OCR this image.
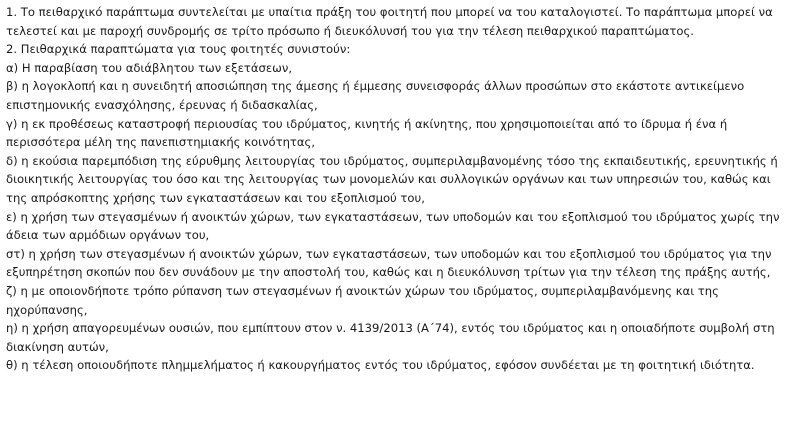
1. Το πειθαρχικό παράπτωμα συντελείται με υπαίτια πράξη του φοιτητή που μπορεί να του καταλογιστεί. Το παράπτωμα μπορεί να
τελεστεί και με παροχή συνδρομής σε τρίτο πρόσωπο ή διευκόλυνσή του για την τέλεση πειθαρχικού παραπτώματος.
2. Πειθαρχικά παραπτώματα για τους φοιτητές συνιστούν:
α) Η παραβίαση του αδιάβλητου των εξετάσεων,
β) η λογοκλοπή και η συνειδητή αποσιώπηση της άμεσης ή έμμεσης συνεισφοράς άλλων προσώπων στο εκάστοτε αντικείμενο
επιστημονικής ενασχόλησης, έρευνας ή διδασκαλίας,
γ) η εκ προθέσεως καταστροφή περιουσίας του ιδρύματος, κινητής ή ακίνητης, που χρησιμοποιείται από το ίδρυμα ή ένα ή
περισσότερα μέλη της πανεπιστημιακής κοινότητας,
δ) η εκούσια παρεμπόδιση της εύρυθμης λειτουργίας του ιδρύματος, συμπεριλαμβανομένης τόσο της εκπαιδευτικής, ερευνητικής ή
διοικητικής λειτουργίας του όσο και της λειτουργίας των μονομελών και συλλογικών οργάνων και των υπηρεσιών του, καθώς και
της απρόσκοπτης χρήσης των εγκαταστάσεων και του εξοπλισμού του,
ε) η χρήση των στεγασμένων ή ανοικτών χώρων, των εγκαταστάσεων, των υποδομών και του εξοπλισμού του ιδρύματος χωρίς την
άδεια των αρμόδιων οργάνων του,
στ) η χρήση των στεγασμένων ή ανοικτών χώρων, των εγκαταστάσεων, των υποδομών και του εξοπλισμού του ιδρύματος για την
εξυπηρέτηση σκοπών που δεν συνάδουν με την αποστολή του, καθώς και η διευκόλυνση τρίτων για την τέλεση της πράξης αυτής,
ζ) η με οποιονδήποτε τρόπο ρύπανση των στεγασμένων ή ανοικτών χώρων του ιδρύματος, συμπεριλαμβανόμενης και της
ηχορύπανσης,
η) η χρήση απαγορευμένων ουσιών, που εμπίπτουν στον ν. 4139/2013 (Α΄74), εντός του ιδρύματος και η οποιαδήποτε συμβολή στη
διακίνηση αυτών,
θ) η τέλεση οποιουδήποτε πλημμελήματος ή κακουργήματος εντός του ιδρύματος, εφόσον συνδέεται με τη φοιτητική ιδιότητα.
